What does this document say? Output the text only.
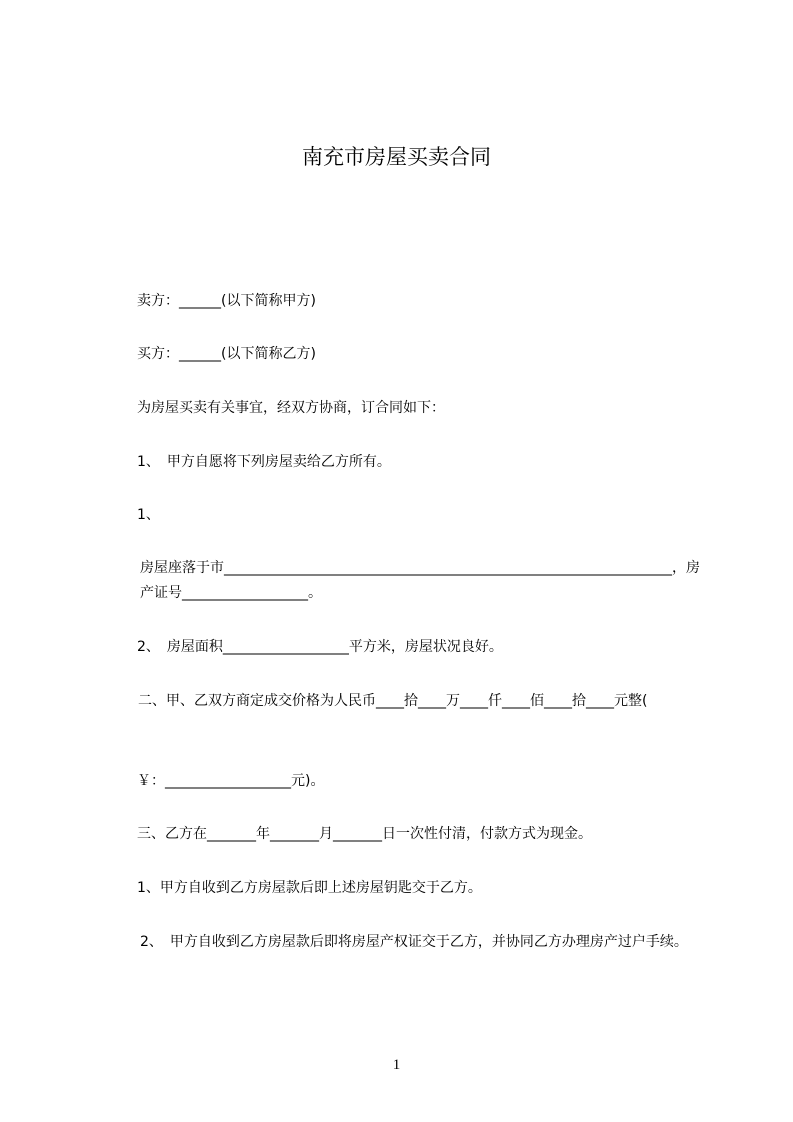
南充市房屋买卖合同
卖方：______(以下简称甲方)
买方：______(以下简称乙方)
为房屋买卖有关事宜，经双方协商，订合同如下：
1、　甲方自愿将下列房屋卖给乙方所有。
1、
房屋座落于市________________________________________________________________，房产证号__________________。
2、　房屋面积__________________平方米，房屋状况良好。
二、甲、乙双方商定成交价格为人民币____拾____万____仟____佰____拾____元整(
￥：__________________元)。
三、乙方在_______年_______月_______日一次性付清，付款方式为现金。
1、甲方自收到乙方房屋款后即上述房屋钥匙交于乙方。
2、　甲方自收到乙方房屋款后即将房屋产权证交于乙方，并协同乙方办理房产过户手续。
1
